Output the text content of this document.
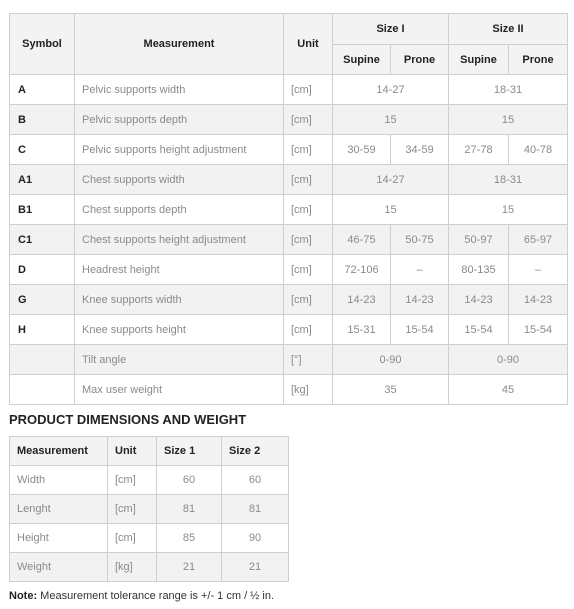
Symbol	Measurement	Unit	Size I		Size II	
			Supine	Prone	Supine	Prone
A	Pelvic supports width	[cm]	14-27		18-31	
B	Pelvic supports depth	[cm]	15		15	
C	Pelvic supports height adjustment	[cm]	30-59	34-59	27-78	40-78
A1	Chest supports width	[cm]	14-27		18-31	
B1	Chest supports depth	[cm]	15		15	
C1	Chest supports height adjustment	[cm]	46-75	50-75	50-97	65-97
D	Headrest height	[cm]	72-106	–	80-135	–
G	Knee supports width	[cm]	14-23	14-23	14-23	14-23
H	Knee supports height	[cm]	15-31	15-54	15-54	15-54
	Tilt angle	[°]	0-90		0-90	
	Max user weight	[kg]	35		45	
PRODUCT DIMENSIONS AND WEIGHT
Measurement	Unit	Size 1	Size 2
Width	[cm]	60	60
Lenght	[cm]	81	81
Height	[cm]	85	90
Weight	[kg]	21	21

Note: Measurement tolerance range is +/- 1 cm / ½ in.
